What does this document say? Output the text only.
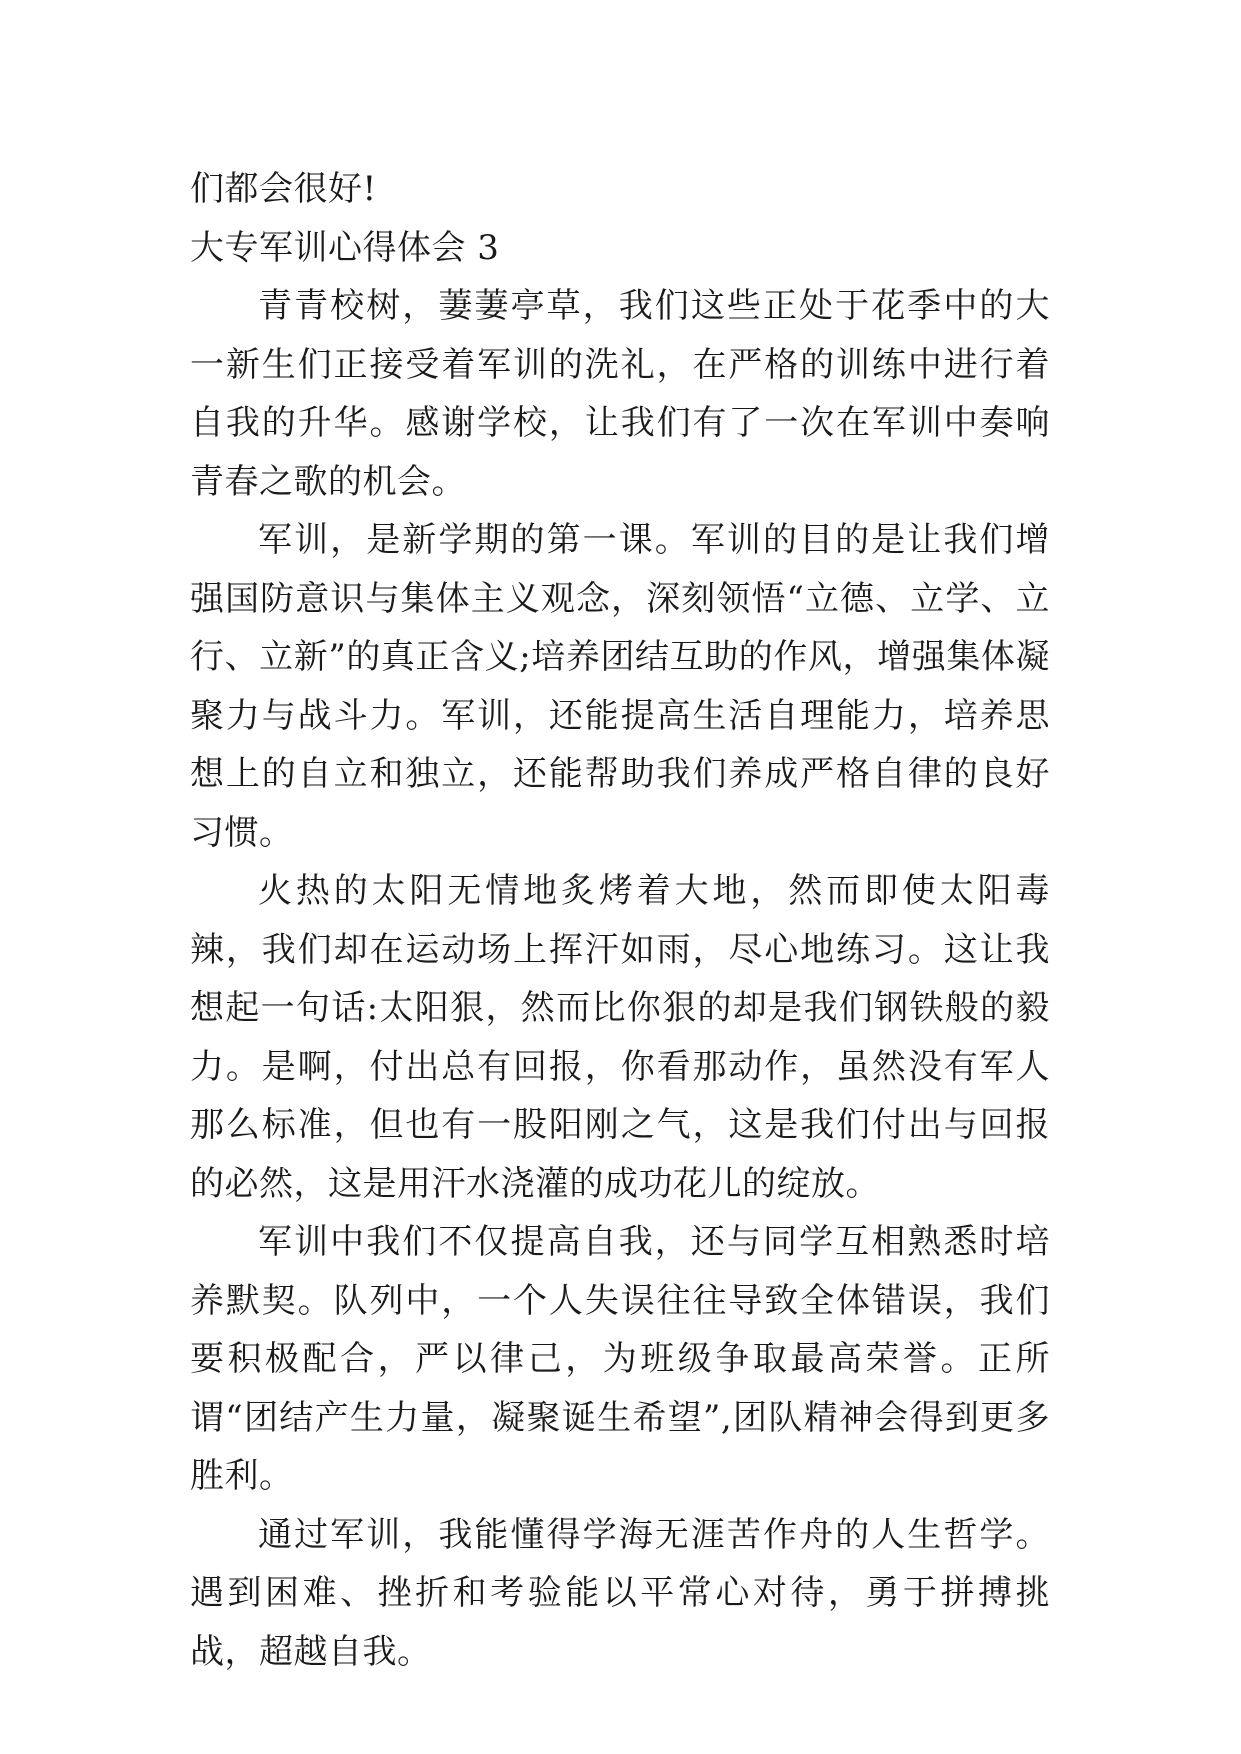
们都会很好!

大专军训心得体会 3

青青校树，萋萋亭草，我们这些正处于花季中的大一新生们正接受着军训的洗礼，在严格的训练中进行着自我的升华。感谢学校，让我们有了一次在军训中奏响青春之歌的机会。

军训，是新学期的第一课。军训的目的是让我们增强国防意识与集体主义观念，深刻领悟“立德、立学、立行、立新”的真正含义;培养团结互助的作风，增强集体凝聚力与战斗力。军训，还能提高生活自理能力，培养思想上的自立和独立，还能帮助我们养成严格自律的良好习惯。

火热的太阳无情地炙烤着大地，然而即使太阳毒辣，我们却在运动场上挥汗如雨，尽心地练习。这让我想起一句话:太阳狠，然而比你狠的却是我们钢铁般的毅力。是啊，付出总有回报，你看那动作，虽然没有军人那么标准，但也有一股阳刚之气，这是我们付出与回报的必然，这是用汗水浇灌的成功花儿的绽放。

军训中我们不仅提高自我，还与同学互相熟悉时培养默契。队列中，一个人失误往往导致全体错误，我们要积极配合，严以律己，为班级争取最高荣誉。正所谓“团结产生力量，凝聚诞生希望”,团队精神会得到更多胜利。

通过军训，我能懂得学海无涯苦作舟的人生哲学。遇到困难、挫折和考验能以平常心对待，勇于拼搏挑战，超越自我。
